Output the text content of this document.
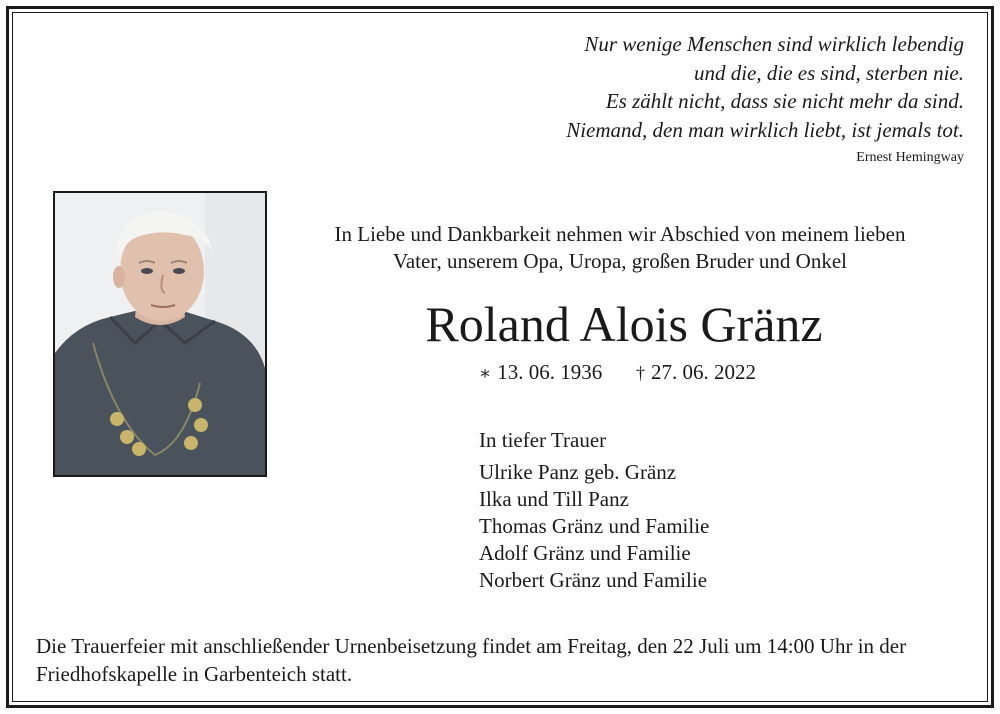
Nur wenige Menschen sind wirklich lebendig
und die, die es sind, sterben nie.
Es zählt nicht, dass sie nicht mehr da sind.
Niemand, den man wirklich liebt, ist jemals tot.
Ernest Hemingway
In Liebe und Dankbarkeit nehmen wir Abschied von meinem lieben
Vater, unserem Opa, Uropa, großen Bruder und Onkel
Roland Alois Gränz
∗ 13. 06. 1936 † 27. 06. 2022
In tiefer Trauer
Ulrike Panz geb. Gränz
Ilka und Till Panz
Thomas Gränz und Familie
Adolf Gränz und Familie
Norbert Gränz und Familie
Die Trauerfeier mit anschließender Urnenbeisetzung findet am Freitag, den 22 Juli um 14:00 Uhr in der Friedhofskapelle in Garbenteich statt.
